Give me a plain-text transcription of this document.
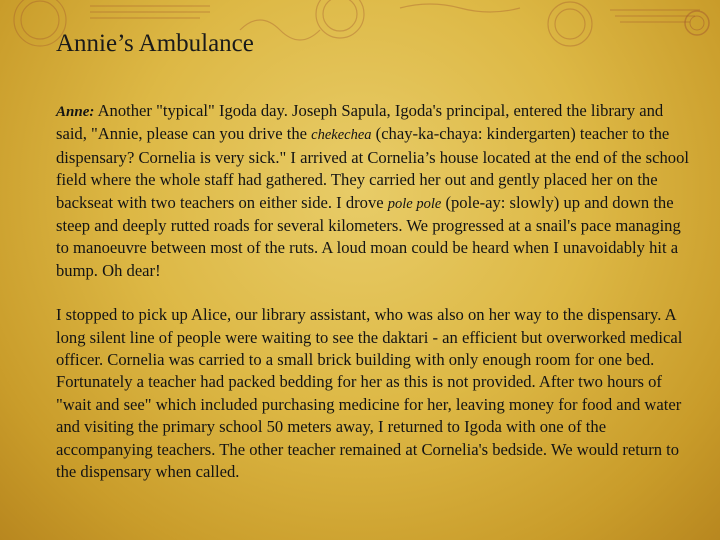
Annie’s Ambulance

Anne: Another "typical" Igoda day. Joseph Sapula, Igoda's principal, entered the library and said, "Annie, please can you drive the chekechea (chay-ka-chaya: kindergarten) teacher to the dispensary? Cornelia is very sick." I arrived at Cornelia’s house located at the end of the school field where the whole staff had gathered. They carried her out and gently placed her on the backseat with two teachers on either side. I drove pole pole (pole-ay: slowly) up and down the steep and deeply rutted roads for several kilometers. We progressed at a snail's pace managing to manoeuvre between most of the ruts. A loud moan could be heard when I unavoidably hit a bump. Oh dear!

I stopped to pick up Alice, our library assistant, who was also on her way to the dispensary. A long silent line of people were waiting to see the daktari - an efficient but overworked medical officer. Cornelia was carried to a small brick building with only enough room for one bed. Fortunately a teacher had packed bedding for her as this is not provided. After two hours of "wait and see" which included purchasing medicine for her, leaving money for food and water and visiting the primary school 50 meters away, I returned to Igoda with one of the accompanying teachers. The other teacher remained at Cornelia's bedside. We would return to the dispensary when called.
